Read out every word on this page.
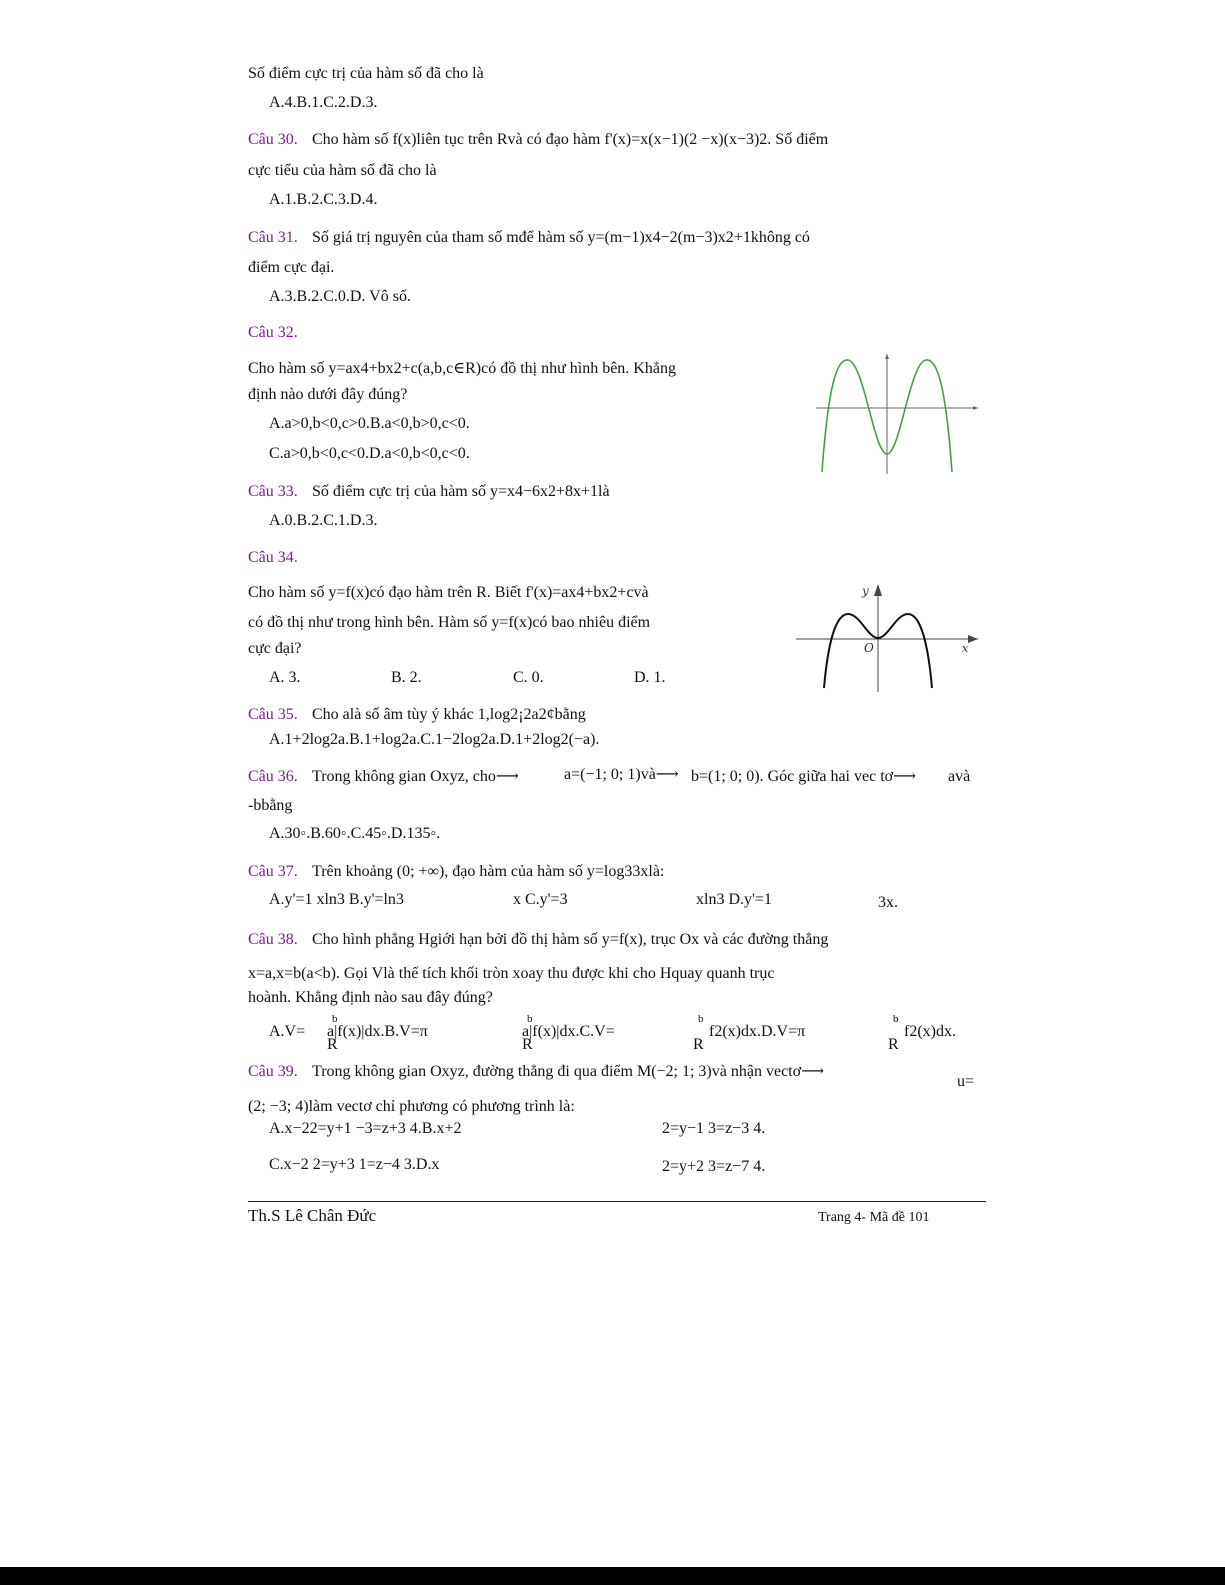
Số điểm cực trị của hàm số đã cho là
A.4.B.1.C.2.D.3.
Câu 30. Cho hàm số f(x)liên tục trên Rvà có đạo hàm f'(x)=x(x−1)(2 −x)(x−3)2. Số điểm
cực tiểu của hàm số đã cho là
A.1.B.2.C.3.D.4.
Câu 31. Số giá trị nguyên của tham số mđể hàm số y=(m−1)x4−2(m−3)x2+1không có
điểm cực đại.
A.3.B.2.C.0.D. Vô số.
Câu 32.
Cho hàm số y=ax4+bx2+c(a,b,c∈R)có đồ thị như hình bên. Khẳng
định nào dưới đây đúng?
A.a>0,b<0,c>0.B.a<0,b>0,c<0.
C.a>0,b<0,c<0.D.a<0,b<0,c<0.
Câu 33. Số điểm cực trị của hàm số y=x4−6x2+8x+1là
A.0.B.2.C.1.D.3.
Câu 34.
Cho hàm số y=f(x)có đạo hàm trên R. Biết f'(x)=ax4+bx2+cvà
có đồ thị như trong hình bên. Hàm số y=f(x)có bao nhiêu điểm
cực đại?
A. 3.	B. 2.	C. 0.	D. 1.
y
x
O
Câu 35. Cho alà số âm tùy ý khác 1,log2¡2a2¢bằng
A.1+2log2a.B.1+log2a.C.1−2log2a.D.1+2log2(−a).
Câu 36. Trong không gian Oxyz, cho⟶	a=(−1; 0; 1)và⟶ b=(1; 0; 0). Góc giữa hai vec tơ⟶ avà
-bbằng
A.30◦.B.60◦.C.45◦.D.135◦.
Câu 37. Trên khoảng (0; +∞), đạo hàm của hàm số y=log33xlà:
A.y'=1 xln3 B.y'=ln3	x C.y'=3	xln3 D.y'=1	3x.
Câu 38. Cho hình phẳng Hgiới hạn bởi đồ thị hàm số y=f(x), trục Ox và các đường thẳng
x=a,x=b(a<b). Gọi Vlà thể tích khối tròn xoay thu được khi cho Hquay quanh trục
hoành. Khẳng định nào sau đây đúng?
b	b	b	b
A.V= a|f(x)|dx.B.V=π	a|f(x)|dx.C.V=	f2(x)dx.D.V=π	f2(x)dx.
R	R	R	R
Câu 39. Trong không gian Oxyz, đường thẳng đi qua điểm M(−2; 1; 3)và nhận vectơ⟶
u=
(2; −3; 4)làm vectơ chỉ phương có phương trình là:
A.x−22=y+1 −3=z+3 4.B.x+2	2=y−1 3=z−3 4.
C.x−2 2=y+3 1=z−4 3.D.x	2=y+2 3=z−7 4.
Th.S Lê Chân Đức	Trang 4- Mã đề 101
